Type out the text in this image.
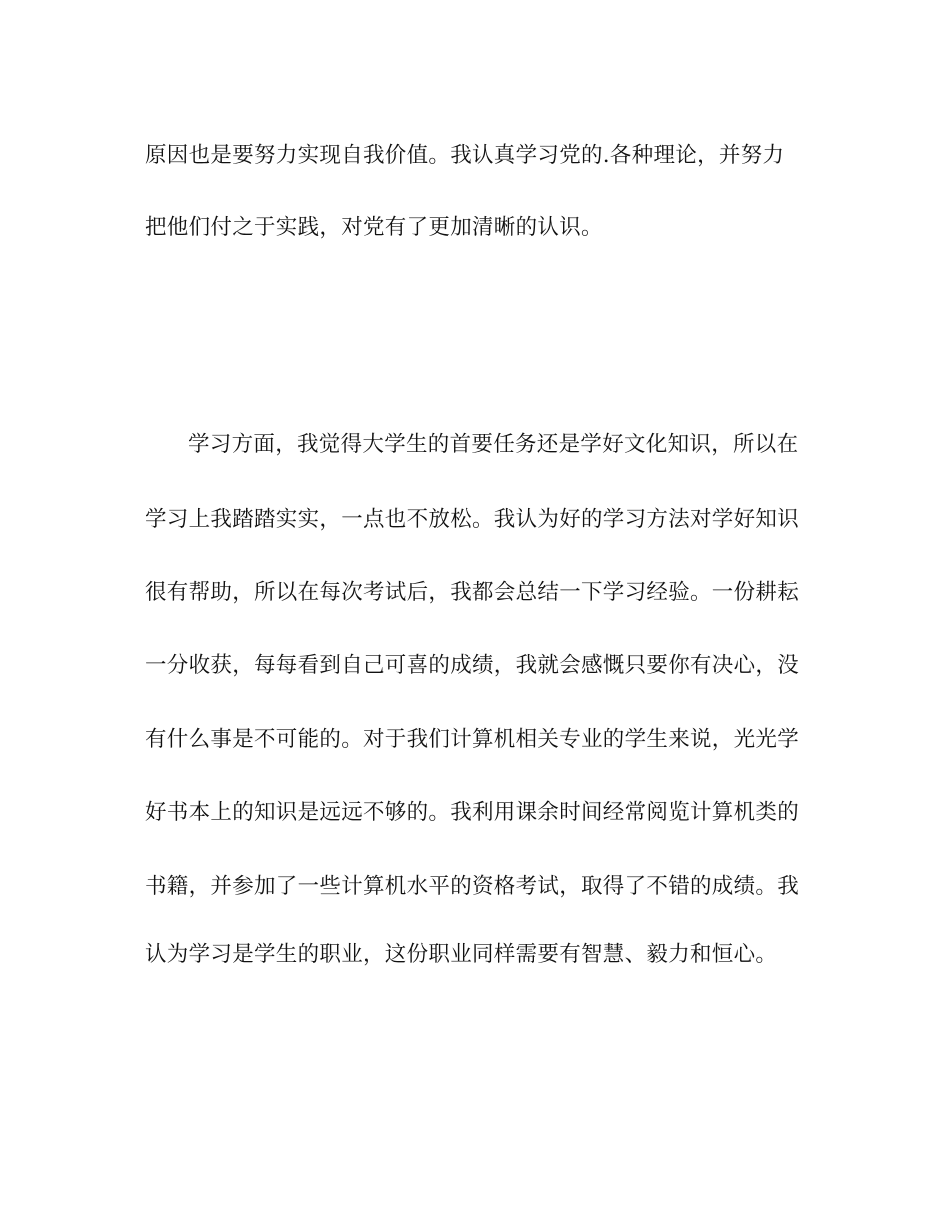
原因也是要努力实现自我价值。我认真学习党的.各种理论，并努力

把他们付之于实践，对党有了更加清晰的认识。

学习方面，我觉得大学生的首要任务还是学好文化知识，所以在

学习上我踏踏实实，一点也不放松。我认为好的学习方法对学好知识

很有帮助，所以在每次考试后，我都会总结一下学习经验。一份耕耘

一分收获，每每看到自己可喜的成绩，我就会感慨只要你有决心，没

有什么事是不可能的。对于我们计算机相关专业的学生来说，光光学

好书本上的知识是远远不够的。我利用课余时间经常阅览计算机类的

书籍，并参加了一些计算机水平的资格考试，取得了不错的成绩。我

认为学习是学生的职业，这份职业同样需要有智慧、毅力和恒心。
